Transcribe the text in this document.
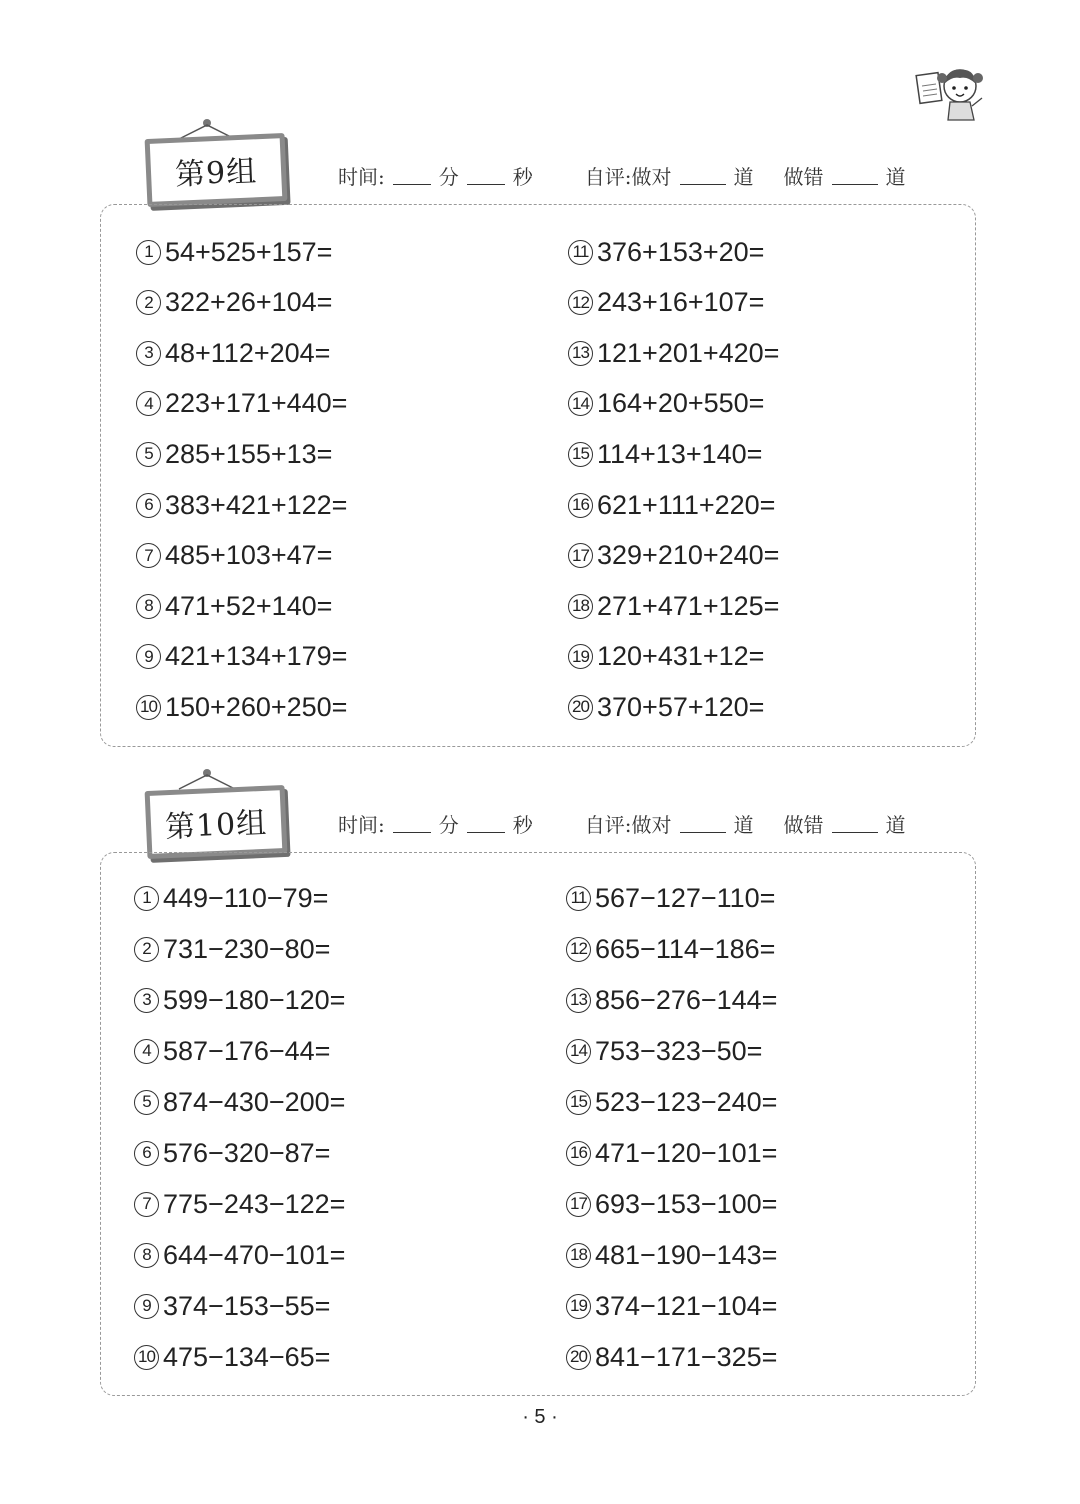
第9组	时间:	分	秒	自评:做对	道 做错	道
1 54+525+157=
2 322+26+104=
3 48+112+204=
4 223+171+440=
5 285+155+13=
6 383+421+122=
7 485+103+47=
8 471+52+140=
9 421+134+179=
10 150+260+250=
11 376+153+20=
12 243+16+107=
13 121+201+420=
14 164+20+550=
15 114+13+140=
16 621+111+220=
17 329+210+240=
18 271+471+125=
19 120+431+12=
20 370+57+120=
第10组	时间:	分	秒	自评:做对	道 做错	道
1 449−110−79=
2 731−230−80=
3 599−180−120=
4 587−176−44=
5 874−430−200=
6 576−320−87=
7 775−243−122=
8 644−470−101=
9 374−153−55=
10 475−134−65=
11 567−127−110=
12 665−114−186=
13 856−276−144=
14 753−323−50=
15 523−123−240=
16 471−120−101=
17 693−153−100=
18 481−190−143=
19 374−121−104=
20 841−171−325=
· 5 ·
